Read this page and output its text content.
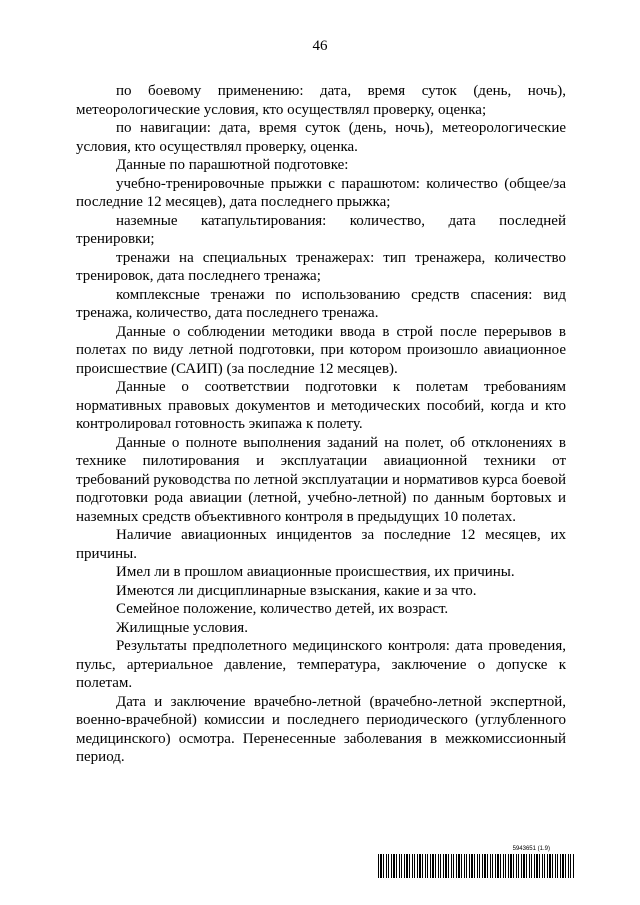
46

по боевому применению: дата, время суток (день, ночь), метеорологические условия, кто осуществлял проверку, оценка;

по навигации: дата, время суток (день, ночь), метеорологические условия, кто осуществлял проверку, оценка.

Данные по парашютной подготовке:

учебно-тренировочные прыжки с парашютом: количество (общее/за последние 12 месяцев), дата последнего прыжка;

наземные катапультирования: количество, дата последней тренировки;

тренажи на специальных тренажерах: тип тренажера, количество тренировок, дата последнего тренажа;

комплексные тренажи по использованию средств спасения: вид тренажа, количество, дата последнего тренажа.

Данные о соблюдении методики ввода в строй после перерывов в полетах по виду летной подготовки, при котором произошло авиационное происшествие (САИП) (за последние 12 месяцев).

Данные о соответствии подготовки к полетам требованиям нормативных правовых документов и методических пособий, когда и кто контролировал готовность экипажа к полету.

Данные о полноте выполнения заданий на полет, об отклонениях в технике пилотирования и эксплуатации авиационной техники от требований руководства по летной эксплуатации и нормативов курса боевой подготовки рода авиации (летной, учебно-летной) по данным бортовых и наземных средств объективного контроля в предыдущих 10 полетах.

Наличие авиационных инцидентов за последние 12 месяцев, их причины.

Имел ли в прошлом авиационные происшествия, их причины.

Имеются ли дисциплинарные взыскания, какие и за что.

Семейное положение, количество детей, их возраст.

Жилищные условия.

Результаты предполетного медицинского контроля: дата проведения, пульс, артериальное давление, температура, заключение о допуске к полетам.

Дата и заключение врачебно-летной (врачебно-летной экспертной, военно-врачебной) комиссии и последнего периодического (углубленного медицинского) осмотра. Перенесенные заболевания в межкомиссионный период.

5943651 (1.9)
